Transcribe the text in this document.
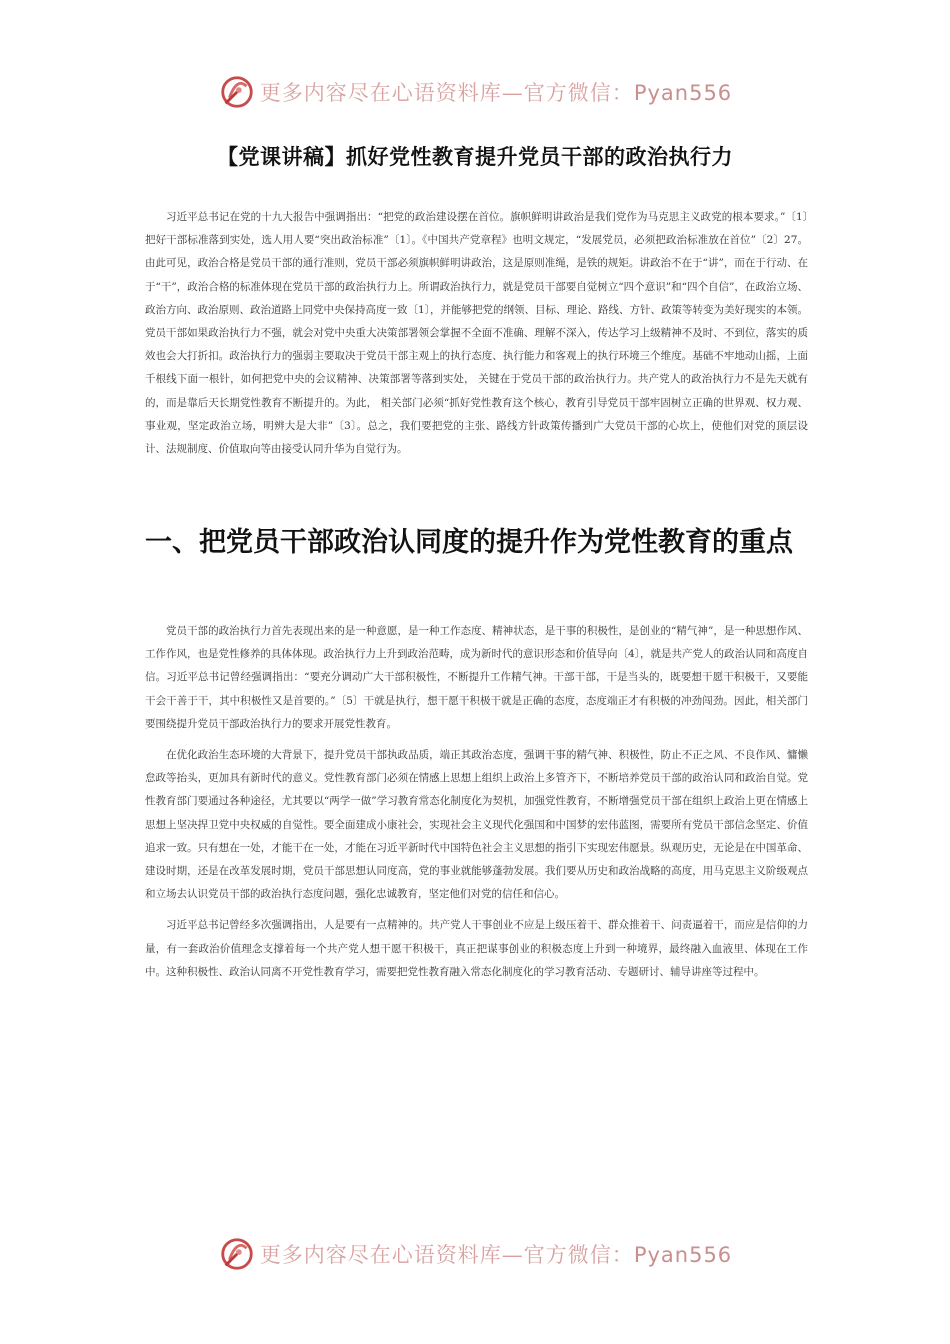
更多内容尽在心语资料库—官方微信：Pyan556
【党课讲稿】抓好党性教育提升党员干部的政治执行力

习近平总书记在党的十九大报告中强调指出：“把党的政治建设摆在首位。旗帜鲜明讲政治是我们党作为马克思主义政党的根本要求。”〔1〕把好干部标准落到实处，选人用人要“突出政治标准”〔1〕。《中国共产党章程》也明文规定，“发展党员，必须把政治标准放在首位”〔2〕27。由此可见，政治合格是党员干部的通行准则，党员干部必须旗帜鲜明讲政治，这是原则准绳，是铁的规矩。讲政治不在于“讲”，而在于行动、在于“干”，政治合格的标准体现在党员干部的政治执行力上。所谓政治执行力，就是党员干部要自觉树立“四个意识”和“四个自信”，在政治立场、政治方向、政治原则、政治道路上同党中央保持高度一致〔1〕，并能够把党的纲领、目标、理论、路线、方针、政策等转变为美好现实的本领。党员干部如果政治执行力不强，就会对党中央重大决策部署领会掌握不全面不准确、理解不深入，传达学习上级精神不及时、不到位，落实的质效也会大打折扣。政治执行力的强弱主要取决于党员干部主观上的执行态度、执行能力和客观上的执行环境三个维度。基础不牢地动山摇，上面千根线下面一根针，如何把党中央的会议精神、决策部署等落到实处， 关键在于党员干部的政治执行力。共产党人的政治执行力不是先天就有的，而是靠后天长期党性教育不断提升的。为此， 相关部门必须“抓好党性教育这个核心，教育引导党员干部牢固树立正确的世界观、权力观、事业观，坚定政治立场，明辨大是大非”〔3〕。总之，我们要把党的主张、路线方针政策传播到广大党员干部的心坎上，使他们对党的顶层设计、法规制度、价值取向等由接受认同升华为自觉行为。

一、把党员干部政治认同度的提升作为党性教育的重点

党员干部的政治执行力首先表现出来的是一种意愿，是一种工作态度、精神状态，是干事的积极性，是创业的“精气神”，是一种思想作风、工作作风，也是党性修养的具体体现。政治执行力上升到政治范畴，成为新时代的意识形态和价值导向〔4〕，就是共产党人的政治认同和高度自信。习近平总书记曾经强调指出：“要充分调动广大干部积极性，不断提升工作精气神。干部干部，干是当头的，既要想干愿干积极干，又要能干会干善于干，其中积极性又是首要的。”〔5〕干就是执行，想干愿干积极干就是正确的态度，态度端正才有积极的冲劲闯劲。因此，相关部门要围绕提升党员干部政治执行力的要求开展党性教育。

在优化政治生态环境的大背景下，提升党员干部执政品质，端正其政治态度，强调干事的精气神、积极性，防止不正之风、不良作风、慵懒怠政等抬头，更加具有新时代的意义。党性教育部门必须在情感上思想上组织上政治上多管齐下，不断培养党员干部的政治认同和政治自觉。党性教育部门要通过各种途径，尤其要以“两学一做”学习教育常态化制度化为契机，加强党性教育，不断增强党员干部在组织上政治上更在情感上思想上坚决捍卫党中央权威的自觉性。要全面建成小康社会，实现社会主义现代化强国和中国梦的宏伟蓝图，需要所有党员干部信念坚定、价值追求一致。只有想在一处，才能干在一处，才能在习近平新时代中国特色社会主义思想的指引下实现宏伟愿景。纵观历史，无论是在中国革命、建设时期，还是在改革发展时期，党员干部思想认同度高，党的事业就能够蓬勃发展。我们要从历史和政治战略的高度，用马克思主义阶级观点和立场去认识党员干部的政治执行态度问题，强化忠诚教育，坚定他们对党的信任和信心。

习近平总书记曾经多次强调指出，人是要有一点精神的。共产党人干事创业不应是上级压着干、群众推着干、问责逼着干，而应是信仰的力量，有一套政治价值理念支撑着每一个共产党人想干愿干积极干，真正把谋事创业的积极态度上升到一种境界，最终融入血液里、体现在工作中。这种积极性、政治认同离不开党性教育学习，需要把党性教育融入常态化制度化的学习教育活动、专题研讨、辅导讲座等过程中。

更多内容尽在心语资料库—官方微信：Pyan556
